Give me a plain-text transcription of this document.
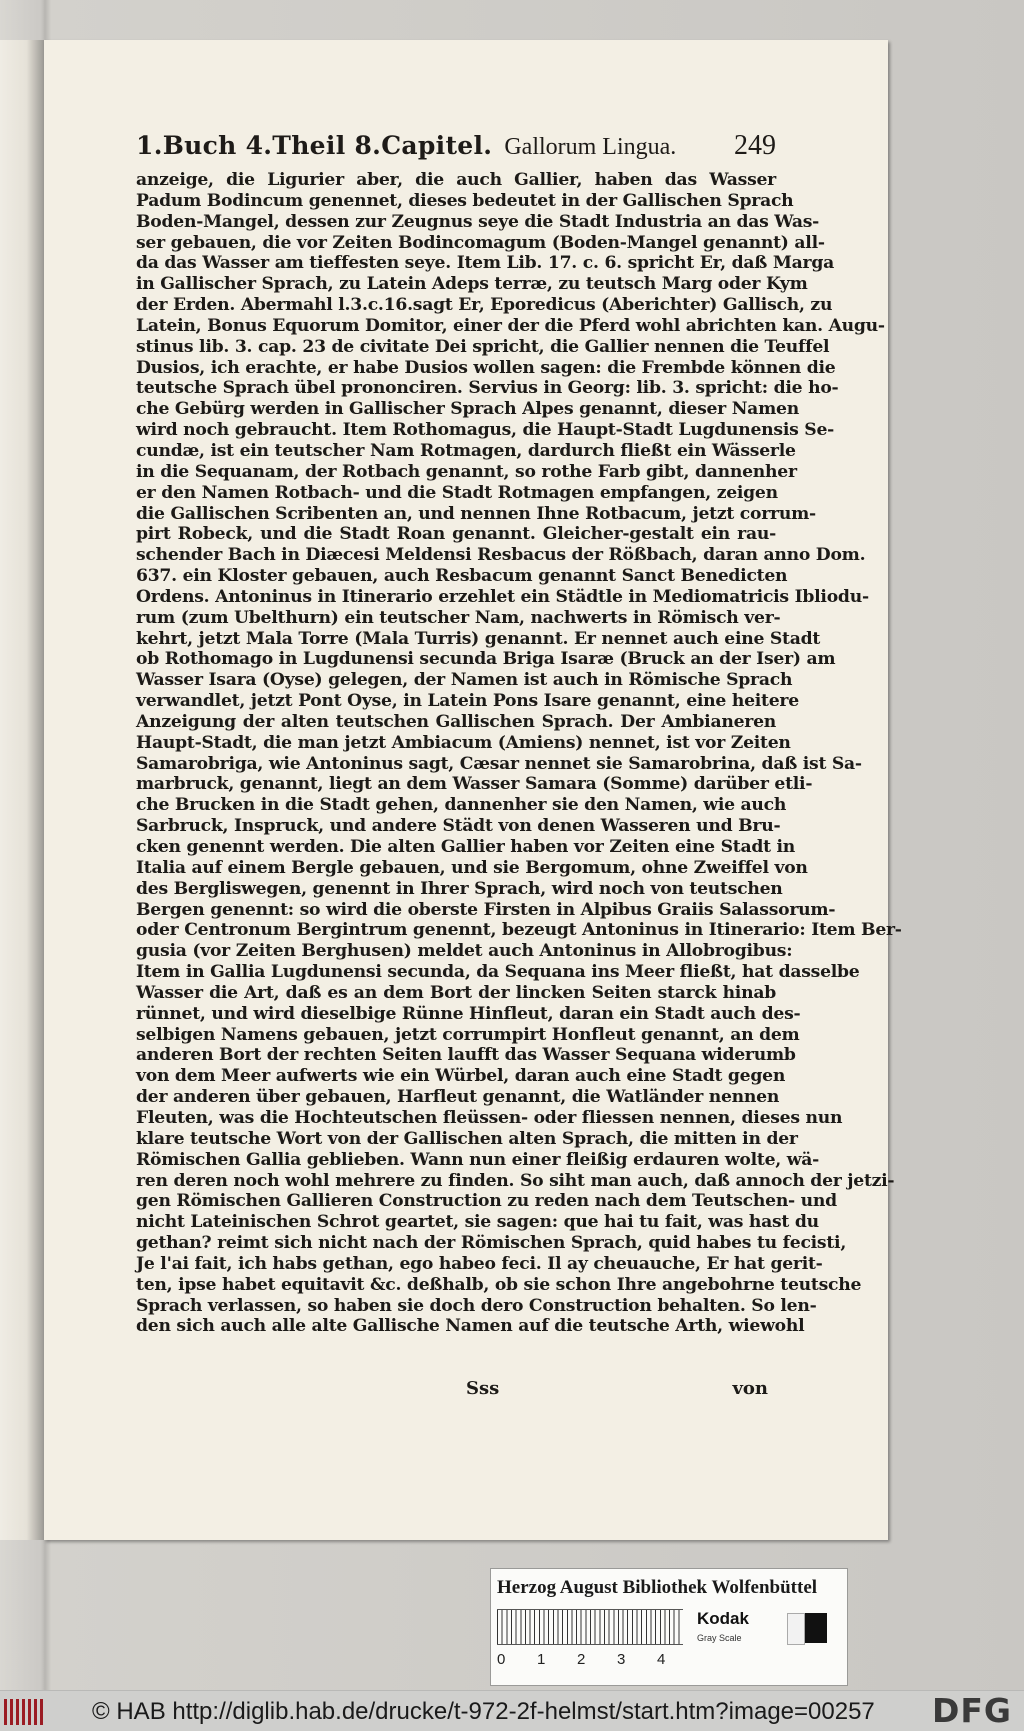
1.Buch 4.Theil 8.Capitel. Gallorum Lingua. 249
anzeige, die Ligurier aber, die auch Gallier, haben das Wasser
Padum Bodincum genennet, dieses bedeutet in der Gallischen Sprach
Boden-Mangel, dessen zur Zeugnus seye die Stadt Industria an das Was-
ser gebauen, die vor Zeiten Bodincomagum (Boden-Mangel genannt) all-
da das Wasser am tieffesten seye. Item Lib. 17. c. 6. spricht Er, daß Marga
in Gallischer Sprach, zu Latein Adeps terræ, zu teutsch Marg oder Kym
der Erden. Abermahl l.3.c.16.sagt Er, Eporedicus (Aberichter) Gallisch, zu
Latein, Bonus Equorum Domitor, einer der die Pferd wohl abrichten kan. Augu-
stinus lib. 3. cap. 23 de civitate Dei spricht, die Gallier nennen die Teuffel
Dusios, ich erachte, er habe Dusios wollen sagen: die Frembde können die
teutsche Sprach übel prononciren. Servius in Georg: lib. 3. spricht: die ho-
che Gebürg werden in Gallischer Sprach Alpes genannt, dieser Namen
wird noch gebraucht. Item Rothomagus, die Haupt-Stadt Lugdunensis Se-
cundæ, ist ein teutscher Nam Rotmagen, dardurch fließt ein Wässerle
in die Sequanam, der Rotbach genannt, so rothe Farb gibt, dannenher
er den Namen Rotbach- und die Stadt Rotmagen empfangen, zeigen
die Gallischen Scribenten an, und nennen Ihne Rotbacum, jetzt corrum-
pirt Robeck, und die Stadt Roan genannt. Gleicher-gestalt ein rau-
schender Bach in Diæcesi Meldensi Resbacus der Rößbach, daran anno Dom.
637. ein Kloster gebauen, auch Resbacum genannt Sanct Benedicten
Ordens. Antoninus in Itinerario erzehlet ein Städtle in Mediomatricis Ibliodu-
rum (zum Ubelthurn) ein teutscher Nam, nachwerts in Römisch ver-
kehrt, jetzt Mala Torre (Mala Turris) genannt. Er nennet auch eine Stadt
ob Rothomago in Lugdunensi secunda Briga Isaræ (Bruck an der Iser) am
Wasser Isara (Oyse) gelegen, der Namen ist auch in Römische Sprach
verwandlet, jetzt Pont Oyse, in Latein Pons Isare genannt, eine heitere
Anzeigung der alten teutschen Gallischen Sprach. Der Ambianeren
Haupt-Stadt, die man jetzt Ambiacum (Amiens) nennet, ist vor Zeiten
Samarobriga, wie Antoninus sagt, Cæsar nennet sie Samarobrina, daß ist Sa-
marbruck, genannt, liegt an dem Wasser Samara (Somme) darüber etli-
che Brucken in die Stadt gehen, dannenher sie den Namen, wie auch
Sarbruck, Inspruck, und andere Städt von denen Wasseren und Bru-
cken genennt werden. Die alten Gallier haben vor Zeiten eine Stadt in
Italia auf einem Bergle gebauen, und sie Bergomum, ohne Zweiffel von
des Bergliswegen, genennt in Ihrer Sprach, wird noch von teutschen
Bergen genennt: so wird die oberste Firsten in Alpibus Graiis Salassorum-
oder Centronum Bergintrum genennt, bezeugt Antoninus in Itinerario: Item Ber-
gusia (vor Zeiten Berghusen) meldet auch Antoninus in Allobrogibus:
Item in Gallia Lugdunensi secunda, da Sequana ins Meer fließt, hat dasselbe
Wasser die Art, daß es an dem Bort der lincken Seiten starck hinab
rünnet, und wird dieselbige Rünne Hinfleut, daran ein Stadt auch des-
selbigen Namens gebauen, jetzt corrumpirt Honfleut genannt, an dem
anderen Bort der rechten Seiten laufft das Wasser Sequana widerumb
von dem Meer aufwerts wie ein Würbel, daran auch eine Stadt gegen
der anderen über gebauen, Harfleut genannt, die Watländer nennen
Fleuten, was die Hochteutschen fleüssen- oder fliessen nennen, dieses nun
klare teutsche Wort von der Gallischen alten Sprach, die mitten in der
Römischen Gallia geblieben. Wann nun einer fleißig erdauren wolte, wä-
ren deren noch wohl mehrere zu finden. So siht man auch, daß annoch der jetzi-
gen Römischen Gallieren Construction zu reden nach dem Teutschen- und
nicht Lateinischen Schrot geartet, sie sagen: que hai tu fait, was hast du
gethan? reimt sich nicht nach der Römischen Sprach, quid habes tu fecisti,
Je l'ai fait, ich habs gethan, ego habeo feci. Il ay cheuauche, Er hat gerit-
ten, ipse habet equitavit &c. deßhalb, ob sie schon Ihre angebohrne teutsche
Sprach verlassen, so haben sie doch dero Construction behalten. So len-
den sich auch alle alte Gallische Namen auf die teutsche Arth, wiewohl
Sss	von
Herzog August Bibliothek Wolfenbüttel
0 1 2 3 4
Kodak
Gray Scale
© HAB http://diglib.hab.de/drucke/t-972-2f-helmst/start.htm?image=00257 DFG
